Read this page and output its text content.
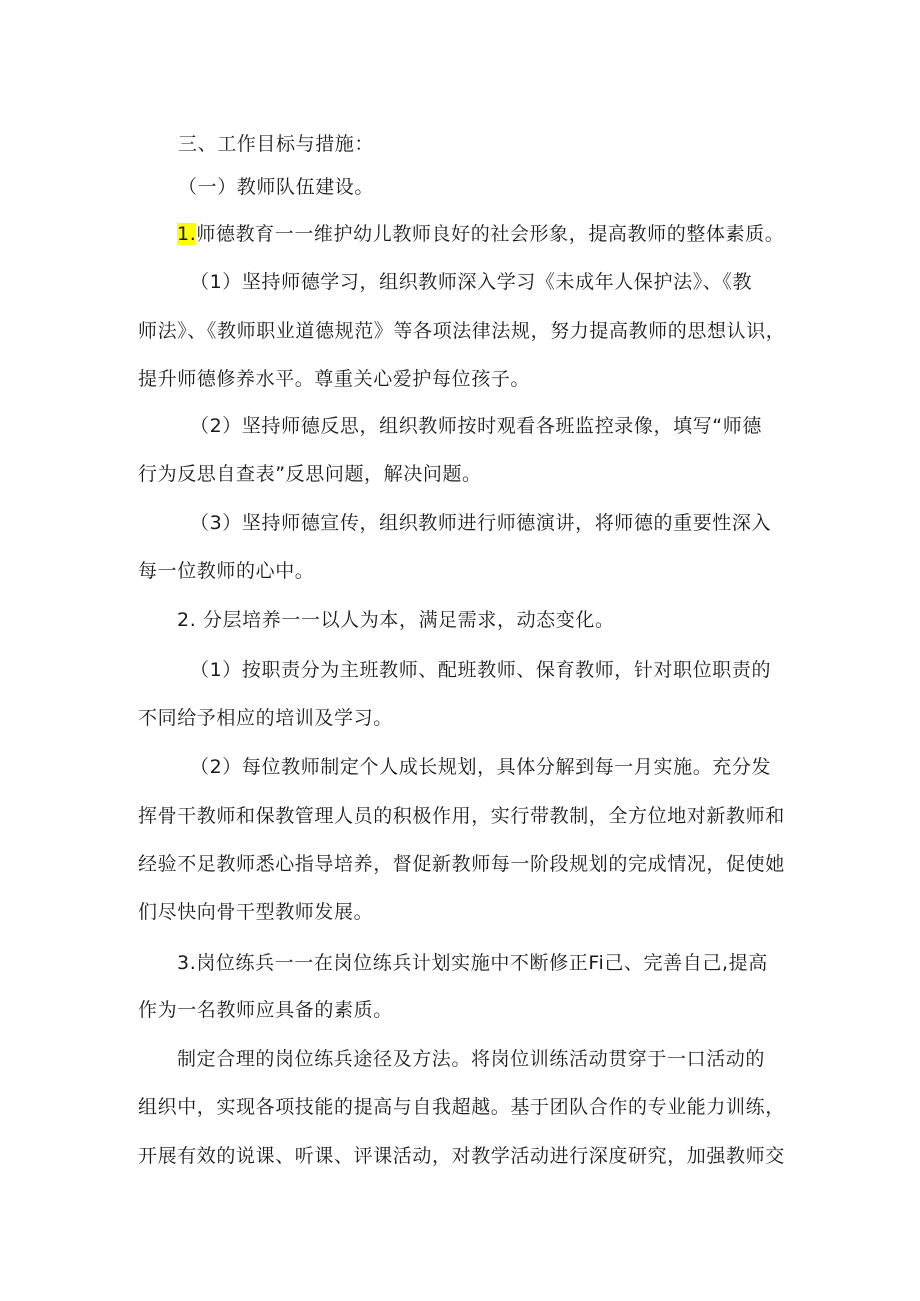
三、工作目标与措施：
（一）教师队伍建设。
1.师德教育一一维护幼儿教师良好的社会形象，提高教师的整体素质。
（1）坚持师德学习，组织教师深入学习《未成年人保护法》、《教
师法》、《教师职业道德规范》等各项法律法规，努力提高教师的思想认识，
提升师德修养水平。尊重关心爱护每位孩子。
（2）坚持师德反思，组织教师按时观看各班监控录像，填写“师德
行为反思自查表”反思问题，解决问题。
（3）坚持师德宣传，组织教师进行师德演讲，将师德的重要性深入
每一位教师的心中。
2. 分层培养一一以人为本，满足需求，动态变化。
（1）按职责分为主班教师、配班教师、保育教师，针对职位职责的
不同给予相应的培训及学习。
（2）每位教师制定个人成长规划，具体分解到每一月实施。充分发
挥骨干教师和保教管理人员的积极作用，实行带教制，全方位地对新教师和
经验不足教师悉心指导培养，督促新教师每一阶段规划的完成情况，促使她
们尽快向骨干型教师发展。
3.岗位练兵一一在岗位练兵计划实施中不断修正Fi己、完善自己,提高
作为一名教师应具备的素质。
制定合理的岗位练兵途径及方法。将岗位训练活动贯穿于一口活动的
组织中，实现各项技能的提高与自我超越。基于团队合作的专业能力训练，
开展有效的说课、听课、评课活动，对教学活动进行深度研究，加强教师交
